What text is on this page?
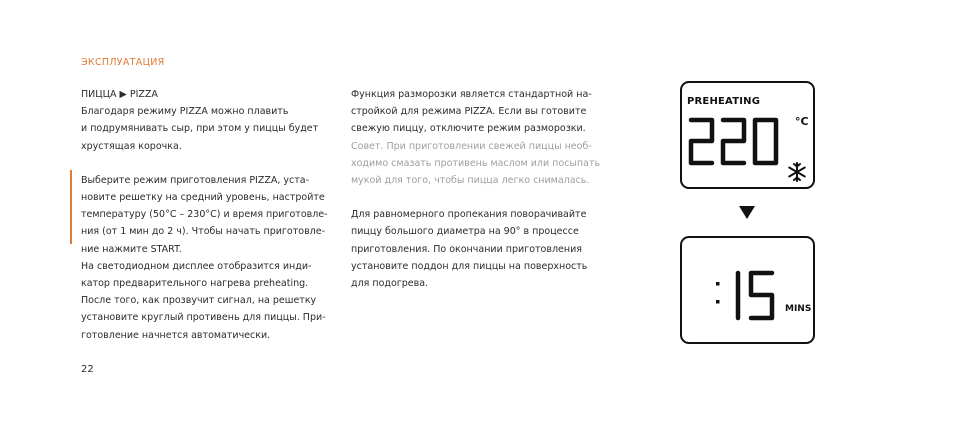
ЭКСПЛУАТАЦИЯ

ПИЦЦА ▶ PIZZA

Благодаря режиму PIZZA можно плавить

и подрумянивать сыр, при этом у пиццы будет

хрустящая корочка.

Выберите режим приготовления PIZZA, уста-

новите решетку на средний уровень, настройте

температуру (50°C – 230°C) и время приготовле-

ния (от 1 мин до 2 ч). Чтобы начать приготовле-

ние нажмите START.

На светодиодном дисплее отобразится инди-

катор предварительного нагрева preheating.

После того, как прозвучит сигнал, на решетку

установите круглый противень для пиццы. При-

готовление начнется автоматически.

Функция разморозки является стандартной на-

стройкой для режима PIZZA. Если вы готовите

свежую пиццу, отключите режим разморозки.

Совет. При приготовлении свежей пиццы необ-

ходимо смазать противень маслом или посыпать

мукой для того, чтобы пицца легко снималась.

Для равномерного пропекания поворачивайте

пиццу большого диаметра на 90° в процессе

приготовления. По окончании приготовления

установите поддон для пиццы на поверхность

для подогрева.

PREHEATING
220	°C
:15
MINS
22
